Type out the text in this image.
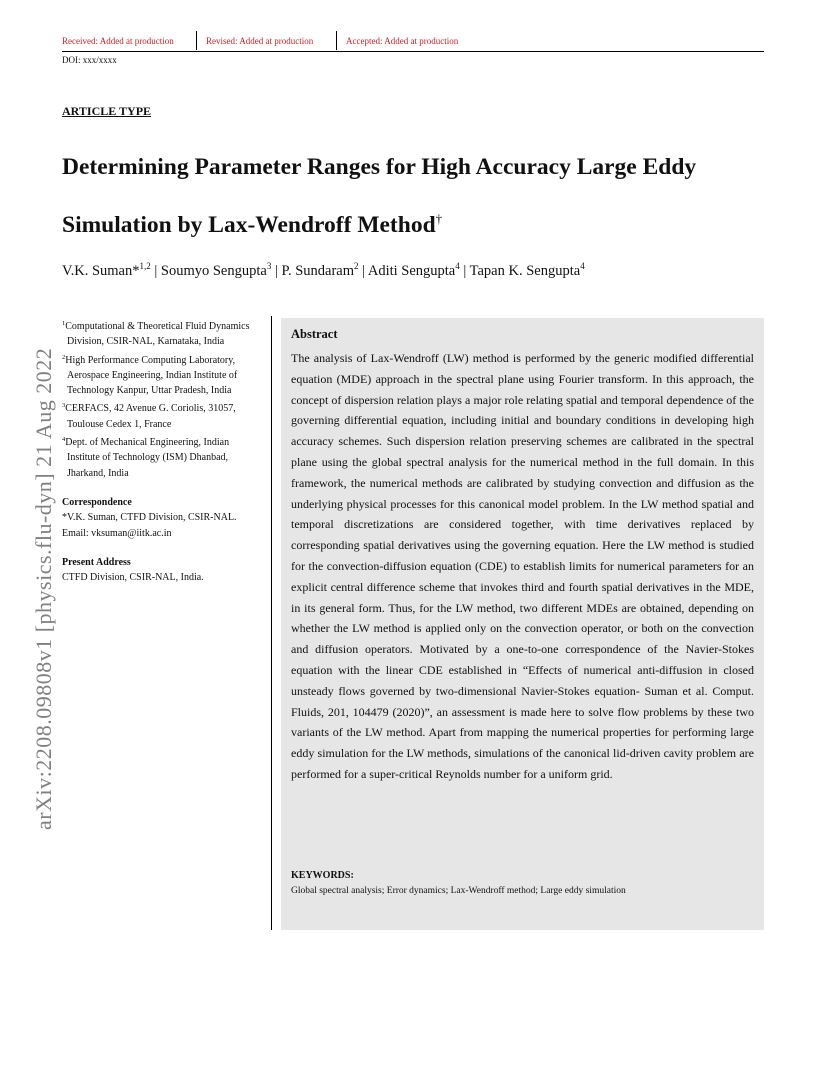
Received: Added at production	Revised: Added at production	Accepted: Added at production
DOI: xxx/xxxx
ARTICLE TYPE
Determining Parameter Ranges for High Accuracy Large Eddy Simulation by Lax-Wendroff Method†
V.K. Suman*$^{1,2}$ | Soumyo Sengupta$^3$ | P. Sundaram$^2$ | Aditi Sengupta$^4$ | Tapan K. Sengupta$^4$
arXiv:2208.09808v1 [physics.flu-dyn] 21 Aug 2022
$^1$Computational & Theoretical Fluid Dynamics Division, CSIR-NAL, Karnataka, India
$^2$High Performance Computing Laboratory, Aerospace Engineering, Indian Institute of Technology Kanpur, Uttar Pradesh, India
$^3$CERFACS, 42 Avenue G. Coriolis, 31057, Toulouse Cedex 1, France
$^4$Dept. of Mechanical Engineering, Indian Institute of Technology (ISM) Dhanbad, Jharkand, India
Correspondence
*V.K. Suman, CTFD Division, CSIR-NAL.
Email: vksuman@iitk.ac.in
Present Address
CTFD Division, CSIR-NAL, India.
Abstract

The analysis of Lax-Wendroff (LW) method is performed by the generic modified differential equation (MDE) approach in the spectral plane using Fourier transform. In this approach, the concept of dispersion relation plays a major role relating spatial and temporal dependence of the governing differential equation, including initial and boundary conditions in developing high accuracy schemes. Such dispersion relation preserving schemes are calibrated in the spectral plane using the global spectral analysis for the numerical method in the full domain. In this framework, the numerical methods are calibrated by studying convection and diffusion as the underlying physical processes for this canonical model problem. In the LW method spatial and temporal discretizations are considered together, with time derivatives replaced by corresponding spatial derivatives using the governing equation. Here the LW method is studied for the convection-diffusion equation (CDE) to establish limits for numerical parameters for an explicit central difference scheme that invokes third and fourth spatial derivatives in the MDE, in its general form. Thus, for the LW method, two different MDEs are obtained, depending on whether the LW method is applied only on the convection operator, or both on the convection and diffusion operators. Motivated by a one-to-one correspondence of the Navier-Stokes equation with the linear CDE established in “Effects of numerical anti-diffusion in closed unsteady flows governed by two-dimensional Navier-Stokes equation- Suman et al. Comput. Fluids, 201, 104479 (2020)”, an assessment is made here to solve flow problems by these two variants of the LW method. Apart from mapping the numerical properties for performing large eddy simulation for the LW methods, simulations of the canonical lid-driven cavity problem are performed for a super-critical Reynolds number for a uniform grid.

KEYWORDS:
Global spectral analysis; Error dynamics; Lax-Wendroff method; Large eddy simulation
